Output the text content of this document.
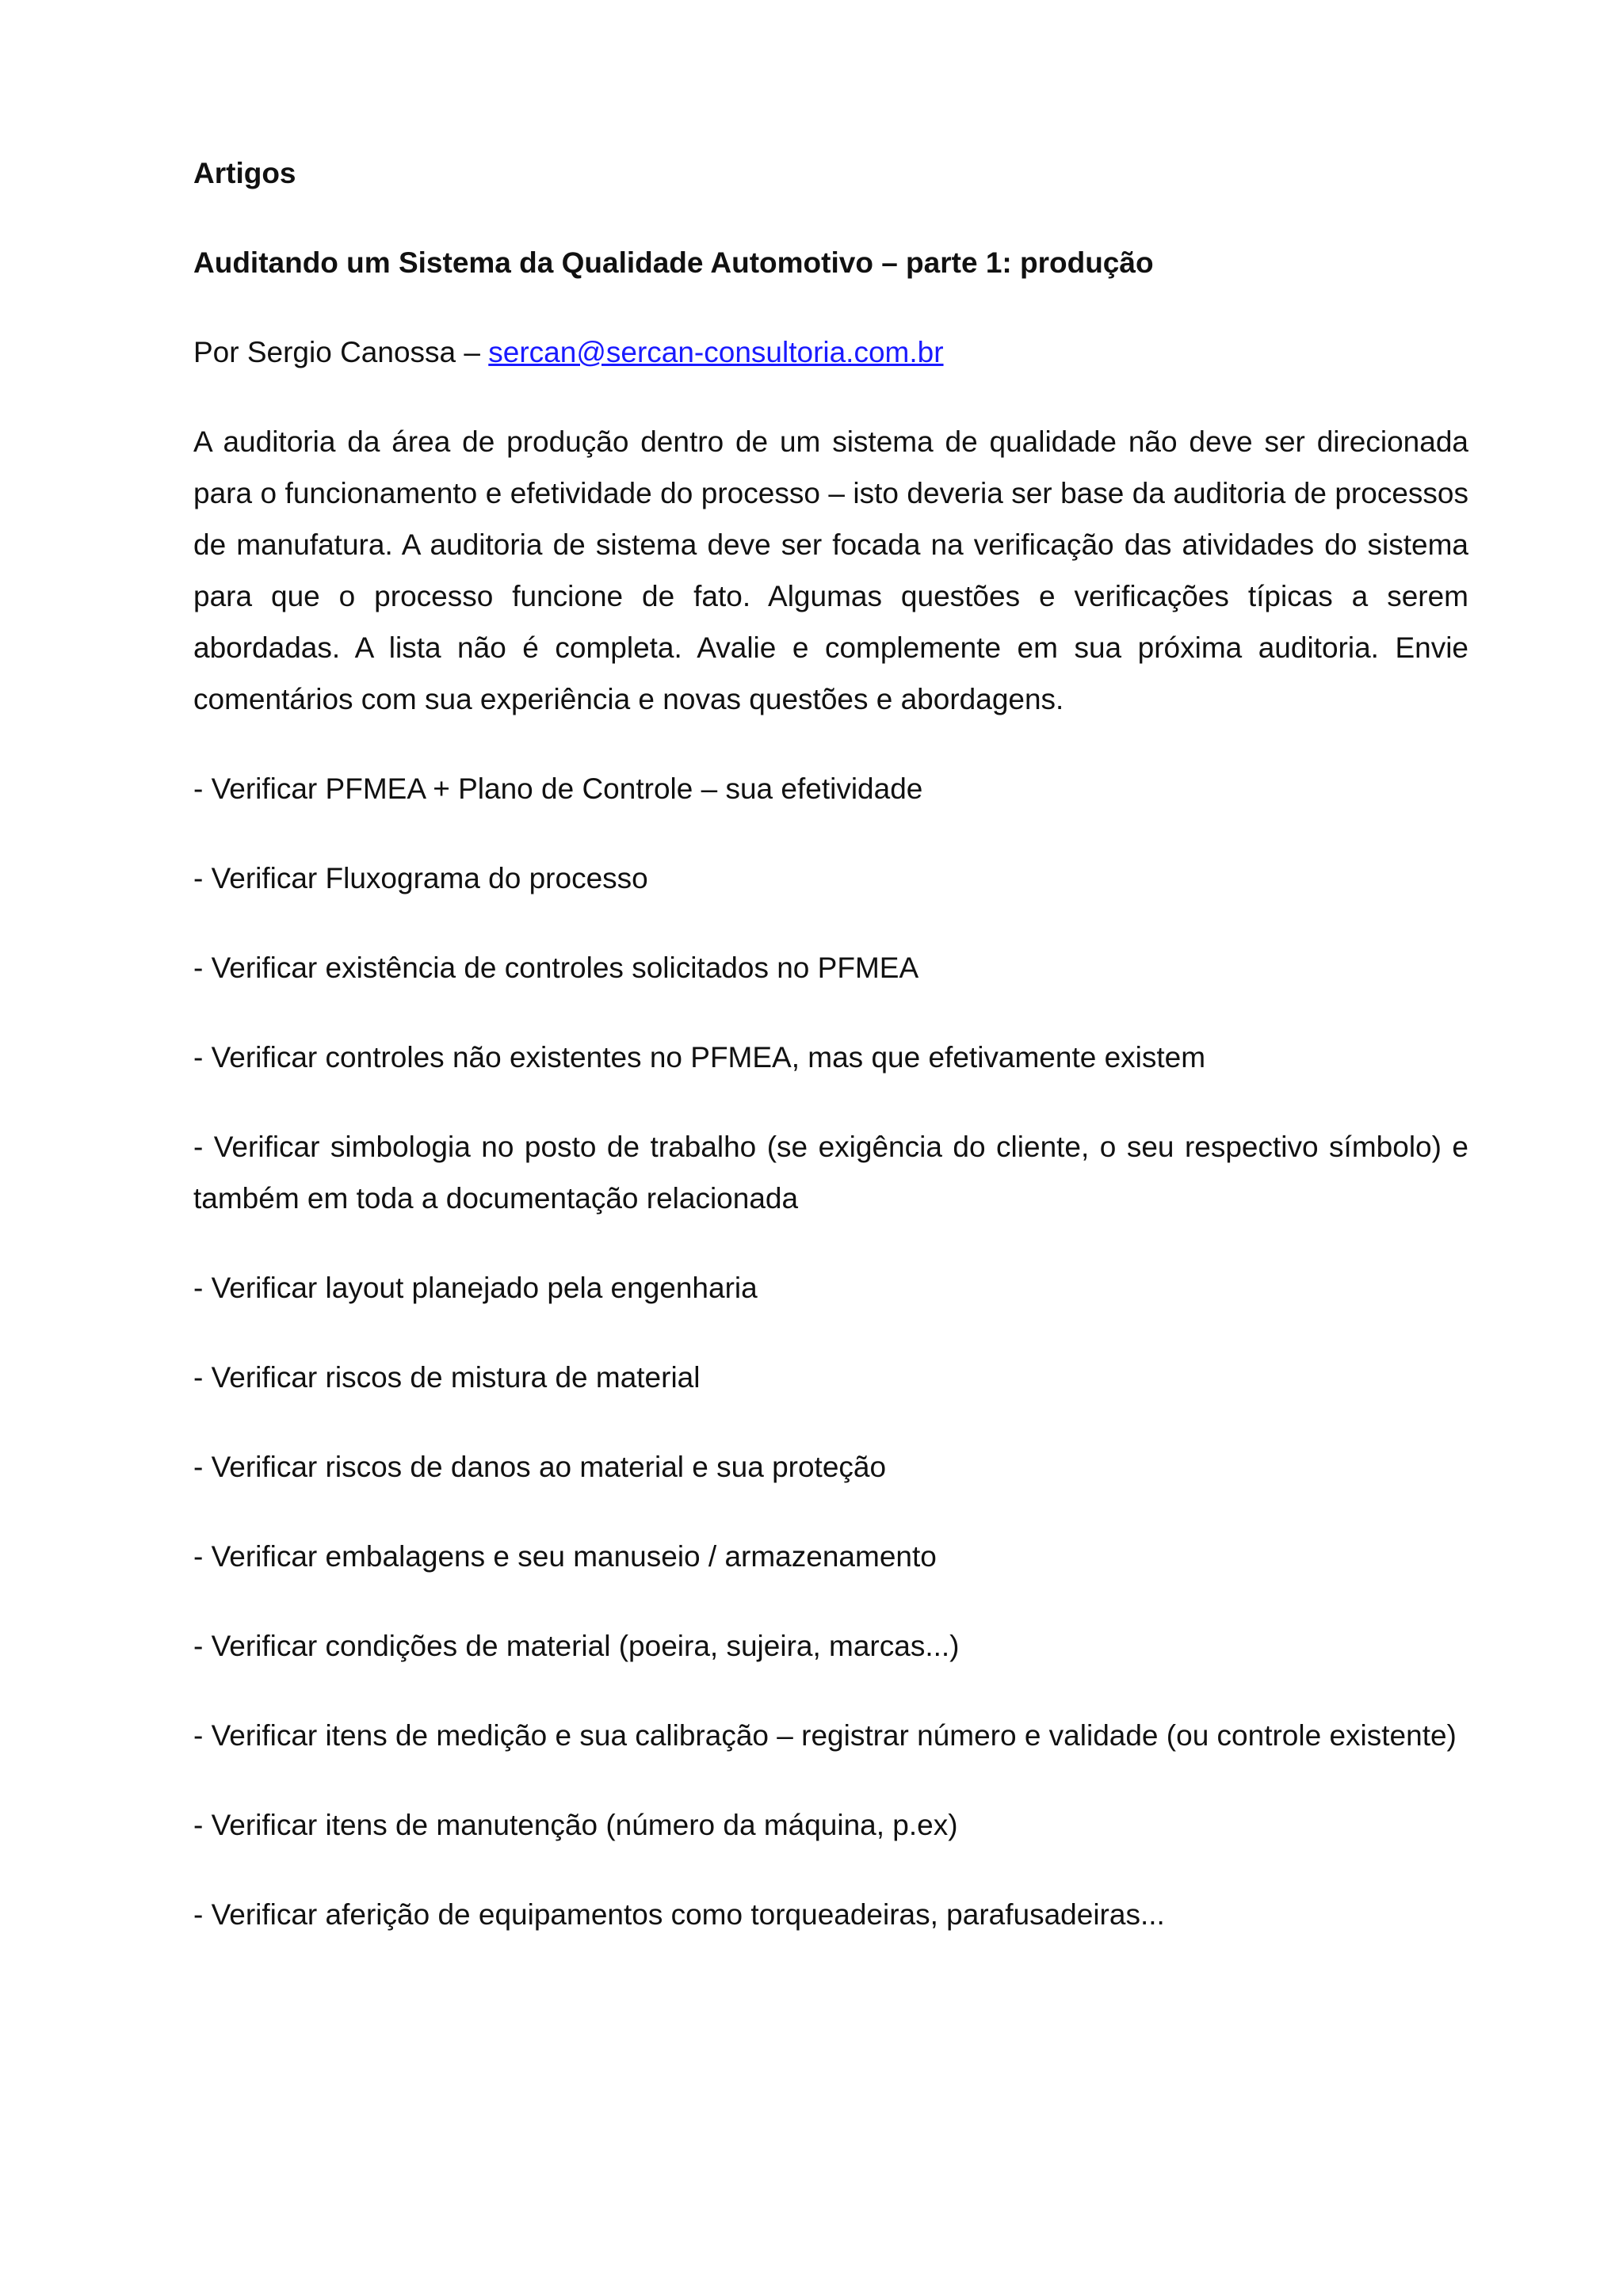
Artigos

Auditando um Sistema da Qualidade Automotivo – parte 1: produção

Por Sergio Canossa – sercan@sercan-consultoria.com.br

A auditoria da área de produção dentro de um sistema de qualidade não deve ser direcionada para o funcionamento e efetividade do processo – isto deveria ser base da auditoria de processos de manufatura. A auditoria de sistema deve ser focada na verificação das atividades do sistema para que o processo funcione de fato. Algumas questões e verificações típicas a serem abordadas. A lista não é completa. Avalie e complemente em sua próxima auditoria. Envie comentários com sua experiência e novas questões e abordagens.

- Verificar PFMEA + Plano de Controle – sua efetividade

- Verificar Fluxograma do processo

- Verificar existência de controles solicitados no PFMEA

- Verificar controles não existentes no PFMEA, mas que efetivamente existem

- Verificar simbologia no posto de trabalho (se exigência do cliente, o seu respectivo símbolo) e também em toda a documentação relacionada

- Verificar layout planejado pela engenharia

- Verificar riscos de mistura de material

- Verificar riscos de danos ao material e sua proteção

- Verificar embalagens e seu manuseio / armazenamento

- Verificar condições de material (poeira, sujeira, marcas...)

- Verificar itens de medição e sua calibração – registrar número e validade (ou controle existente)

- Verificar itens de manutenção (número da máquina, p.ex)

- Verificar aferição de equipamentos como torqueadeiras, parafusadeiras...
